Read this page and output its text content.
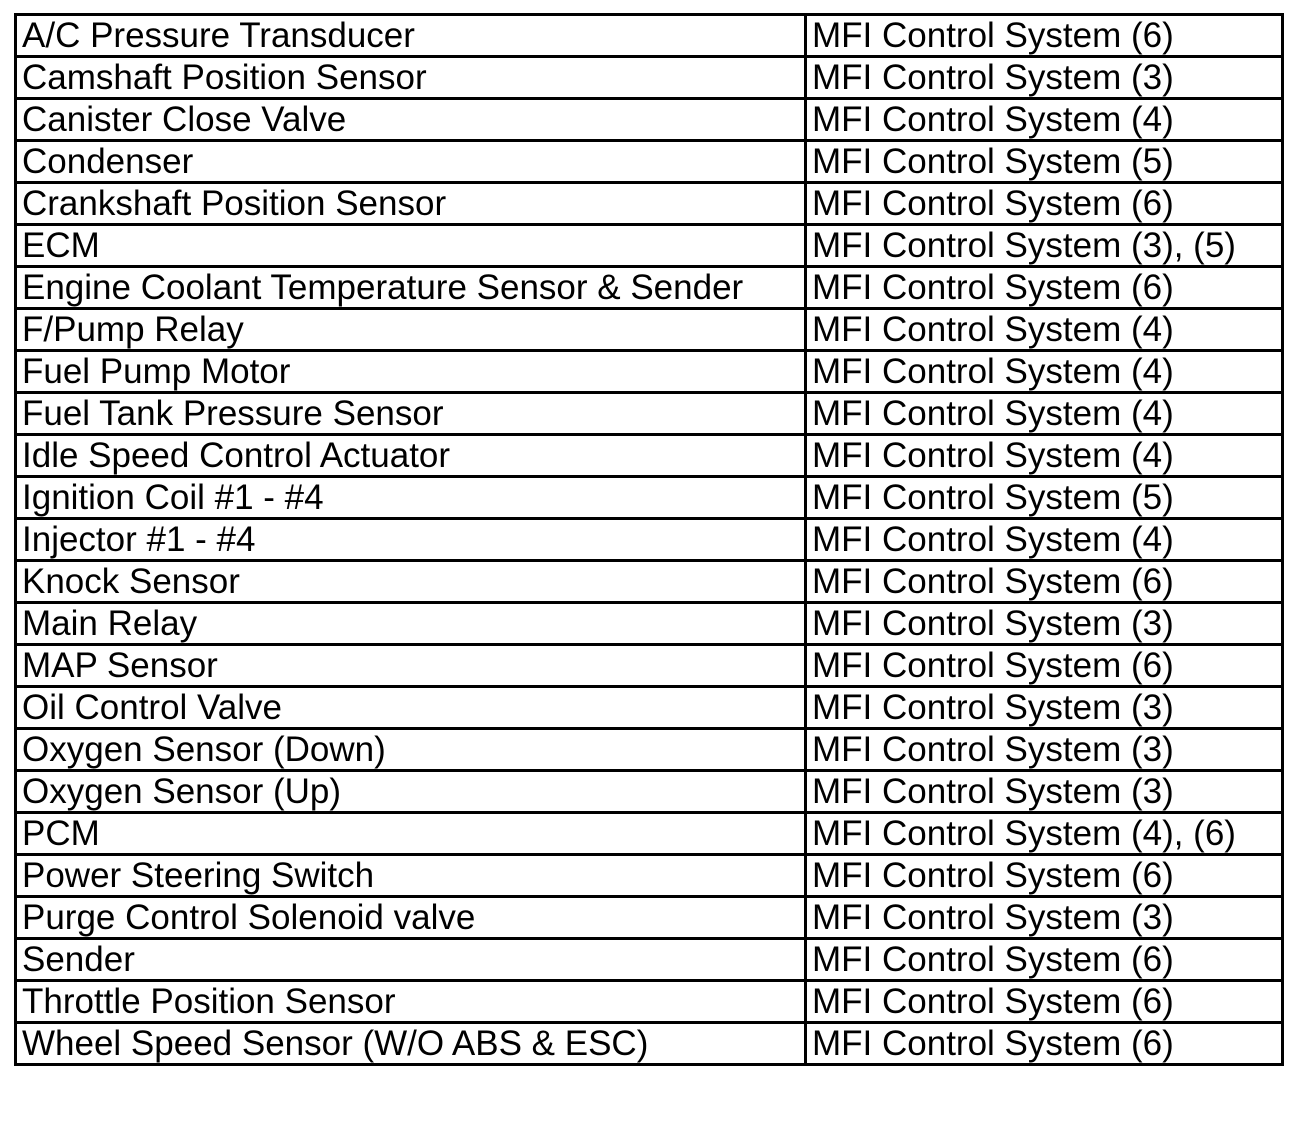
A/C Pressure Transducer	MFI Control System (6)
Camshaft Position Sensor	MFI Control System (3)
Canister Close Valve	MFI Control System (4)
Condenser	MFI Control System (5)
Crankshaft Position Sensor	MFI Control System (6)
ECM	MFI Control System (3), (5)
Engine Coolant Temperature Sensor & Sender	MFI Control System (6)
F/Pump Relay	MFI Control System (4)
Fuel Pump Motor	MFI Control System (4)
Fuel Tank Pressure Sensor	MFI Control System (4)
Idle Speed Control Actuator	MFI Control System (4)
Ignition Coil #1 - #4	MFI Control System (5)
Injector #1 - #4	MFI Control System (4)
Knock Sensor	MFI Control System (6)
Main Relay	MFI Control System (3)
MAP Sensor	MFI Control System (6)
Oil Control Valve	MFI Control System (3)
Oxygen Sensor (Down)	MFI Control System (3)
Oxygen Sensor (Up)	MFI Control System (3)
PCM	MFI Control System (4), (6)
Power Steering Switch	MFI Control System (6)
Purge Control Solenoid valve	MFI Control System (3)
Sender	MFI Control System (6)
Throttle Position Sensor	MFI Control System (6)
Wheel Speed Sensor (W/O ABS & ESC)	MFI Control System (6)
